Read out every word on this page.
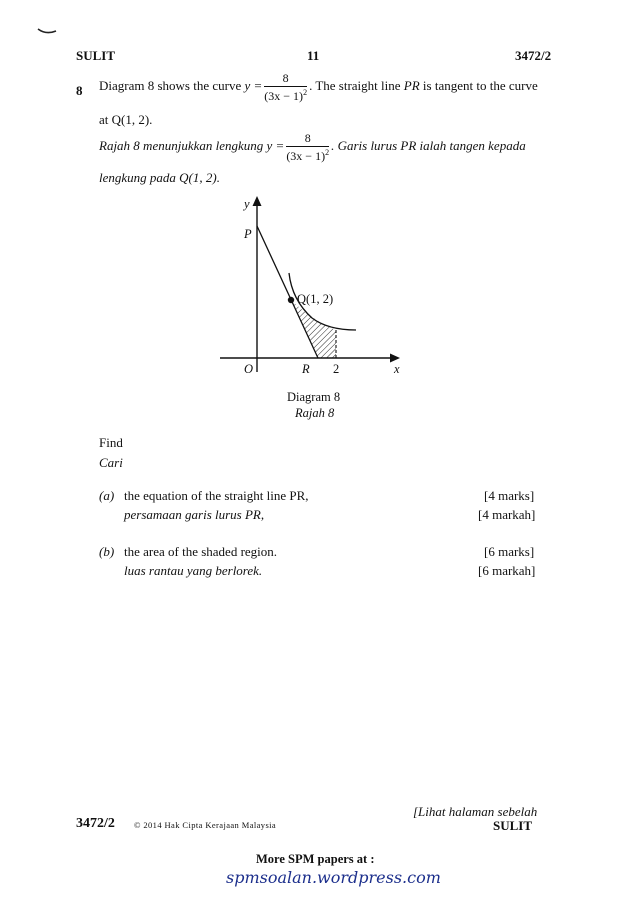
SULIT	11	3472/2
8 Diagram 8 shows the curve $y = \frac{8}{(3x - 1)^2}$ . The straight line PR is tangent to the curve
at Q(1, 2).
Rajah 8 menunjukkan lengkung $y = \frac{8}{(3x - 1)^2}$ . Garis lurus PR ialah tangen kepada
lengkung pada Q(1, 2).
y
P
Q(1, 2)
O	R 2	x
Diagram 8
Rajah 8
Find
Cari
(a) the equation of the straight line PR,
persamaan garis lurus PR,
[4 marks]
[4 markah]
(b) the area of the shaded region.
luas rantau yang berlorek.
[6 marks]
[6 markah]
[Lihat halaman sebelah
3472/2 © 2014 Hak Cipta Kerajaan Malaysia	SULIT
More SPM papers at :
spmsoalan.wordpress.com
